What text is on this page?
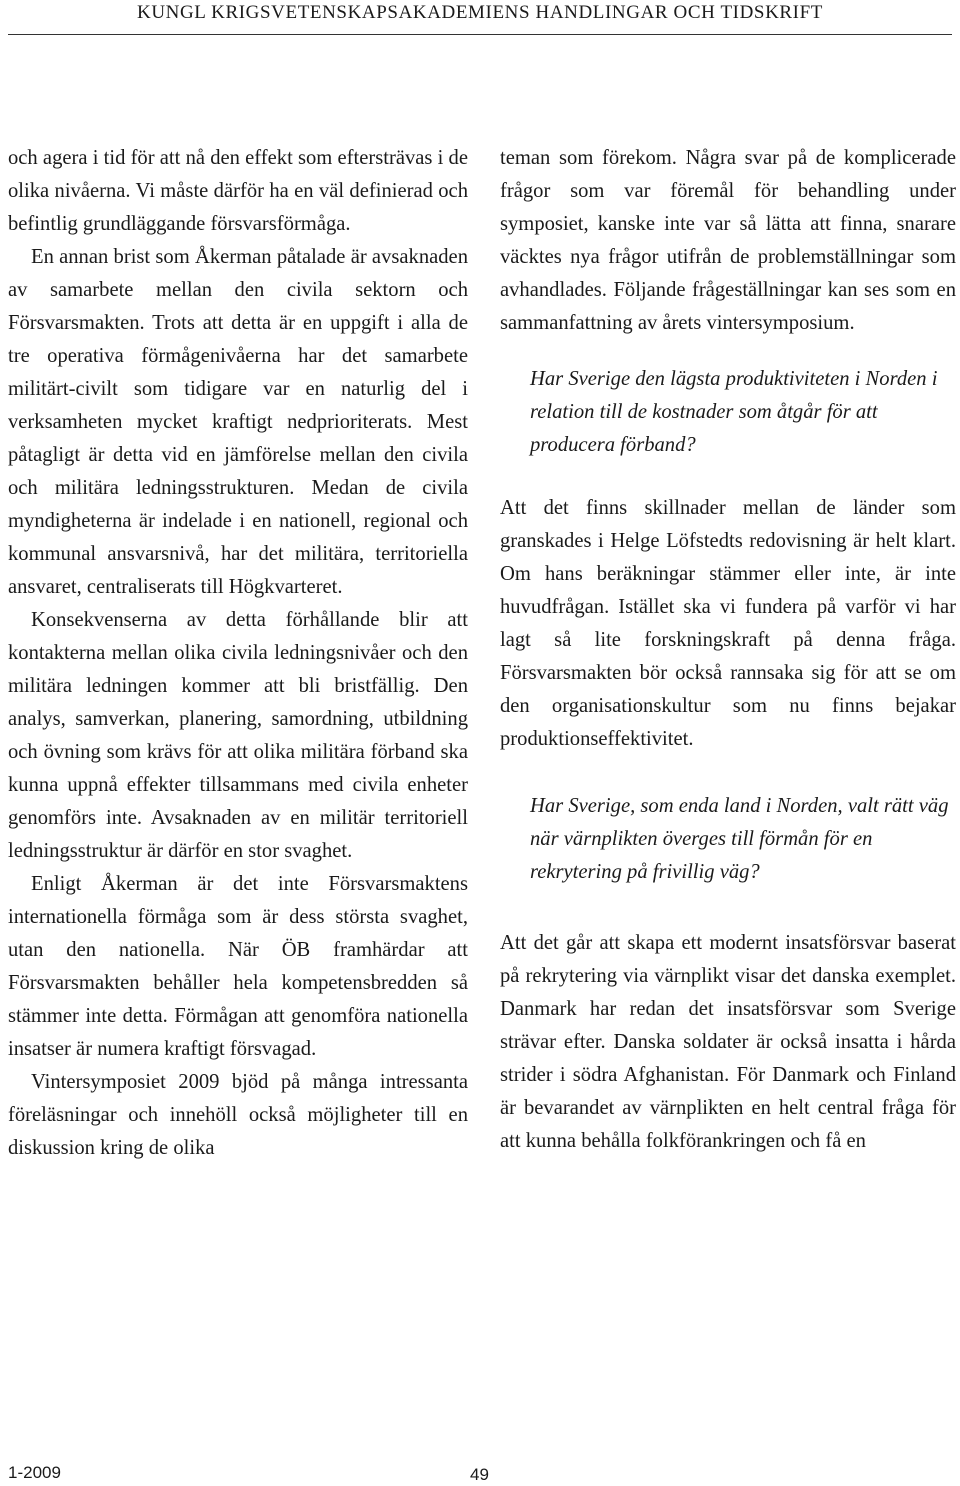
KUNGL KRIGSVETENSKAPSAKADEMIENS HANDLINGAR OCH TIDSKRIFT

och agera i tid för att nå den effekt som eftersträvas i de olika nivåerna. Vi måste därför ha en väl definierad och befintlig grundläggande försvarsförmåga.

En annan brist som Åkerman påtalade är avsaknaden av samarbete mellan den civila sektorn och Försvarsmakten. Trots att detta är en uppgift i alla de tre operativa förmågenivåerna har det samarbete militärt-civilt som tidigare var en naturlig del i verksamheten mycket kraftigt nedprioriterats. Mest påtagligt är detta vid en jämförelse mellan den civila och militära ledningsstrukturen. Medan de civila myndigheterna är indelade i en nationell, regional och kommunal ansvarsnivå, har det militära, territoriella ansvaret, centraliserats till Högkvarteret.

Konsekvenserna av detta förhållande blir att kontakterna mellan olika civila ledningsnivåer och den militära ledningen kommer att bli bristfällig. Den analys, samverkan, planering, samordning, utbildning och övning som krävs för att olika militära förband ska kunna uppnå effekter tillsammans med civila enheter genomförs inte. Avsaknaden av en militär territoriell ledningsstruktur är därför en stor svaghet.

Enligt Åkerman är det inte Försvarsmaktens internationella förmåga som är dess största svaghet, utan den nationella. När ÖB framhärdar att Försvarsmakten behåller hela kompetensbredden så stämmer inte detta. Förmågan att genomföra nationella insatser är numera kraftigt försvagad.

Vintersymposiet 2009 bjöd på många intressanta föreläsningar och innehöll också möjligheter till en diskussion kring de olika

teman som förekom. Några svar på de komplicerade frågor som var föremål för behandling under symposiet, kanske inte var så lätta att finna, snarare väcktes nya frågor utifrån de problemställningar som avhandlades. Följande frågeställningar kan ses som en sammanfattning av årets vintersymposium.

Har Sverige den lägsta produktiviteten i Norden i relation till de kostnader som åtgår för att producera förband?

Att det finns skillnader mellan de länder som granskades i Helge Löfstedts redovisning är helt klart. Om hans beräkningar stämmer eller inte, är inte huvudfrågan. Istället ska vi fundera på varför vi har lagt så lite forskningskraft på denna fråga. Försvarsmakten bör också rannsaka sig för att se om den organisationskultur som nu finns bejakar produktionseffektivitet.

Har Sverige, som enda land i Norden, valt rätt väg när värnplikten överges till förmån för en rekrytering på frivillig väg?

Att det går att skapa ett modernt insatsförsvar baserat på rekrytering via värnplikt visar det danska exemplet. Danmark har redan det insatsförsvar som Sverige strävar efter. Danska soldater är också insatta i hårda strider i södra Afghanistan. För Danmark och Finland är bevarandet av värnplikten en helt central fråga för att kunna behålla folkförankringen och få en

1-2009	49
